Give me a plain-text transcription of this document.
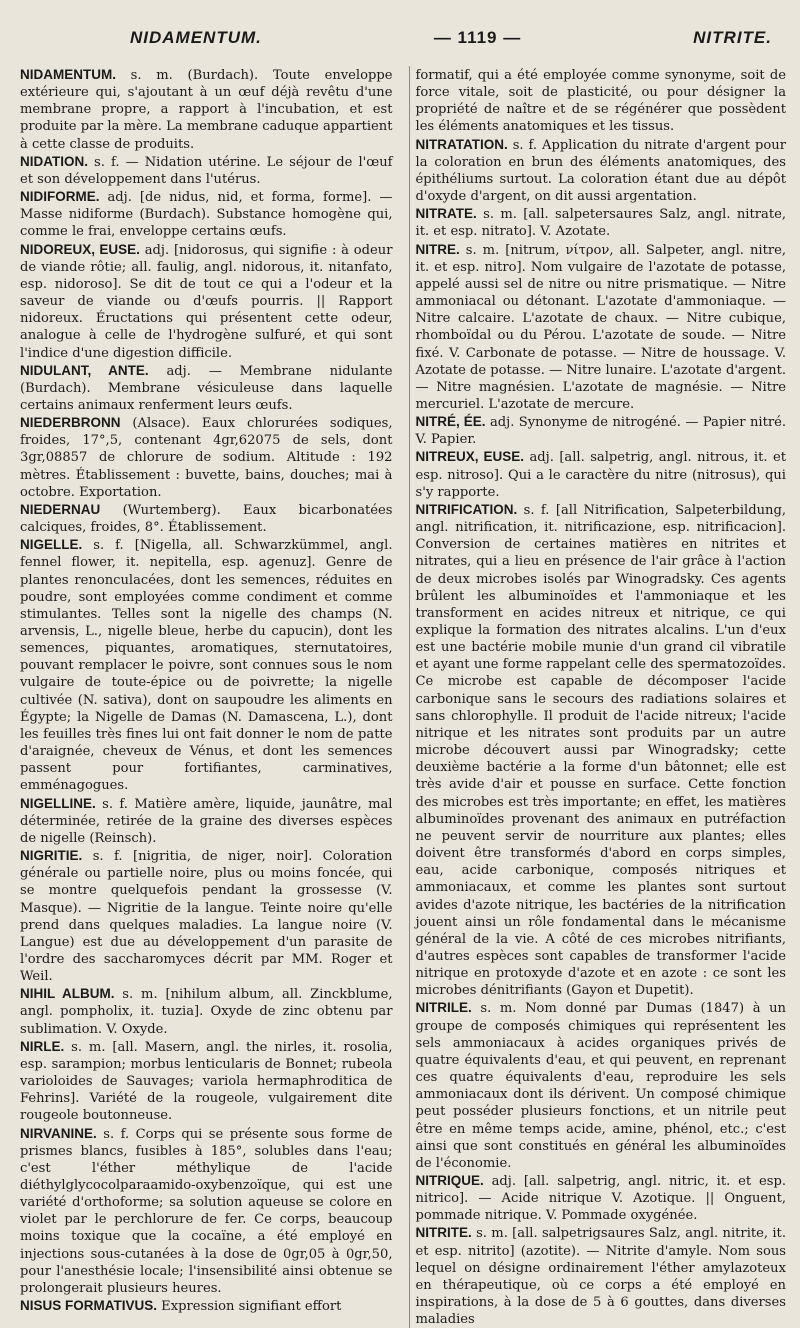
NIDAMENTUM.	— 1119 —	NITRITE.

NIDAMENTUM. s. m. (Burdach). Toute enveloppe extérieure qui, s'ajoutant à un œuf déjà revêtu d'une membrane propre, a rapport à l'incubation, et est produite par la mère. La membrane caduque appartient à cette classe de produits.

NIDATION. s. f. — Nidation utérine. Le séjour de l'œuf et son développement dans l'utérus.

NIDIFORME. adj. [de nidus, nid, et forma, forme]. — Masse nidiforme (Burdach). Substance homogène qui, comme le frai, enveloppe certains œufs.

NIDOREUX, EUSE. adj. [nidorosus, qui signifie : à odeur de viande rôtie; all. faulig, angl. nidorous, it. nitanfato, esp. nidoroso]. Se dit de tout ce qui a l'odeur et la saveur de viande ou d'œufs pourris. || Rapport nidoreux. Éructations qui présentent cette odeur, analogue à celle de l'hydrogène sulfuré, et qui sont l'indice d'une digestion difficile.

NIDULANT, ANTE. adj. — Membrane nidulante (Burdach). Membrane vésiculeuse dans laquelle certains animaux renferment leurs œufs.

NIEDERBRONN (Alsace). Eaux chlorurées sodiques, froides, 17°,5, contenant 4gr,62075 de sels, dont 3gr,08857 de chlorure de sodium. Altitude : 192 mètres. Établissement : buvette, bains, douches; mai à octobre. Exportation.

NIEDERNAU (Wurtemberg). Eaux bicarbonatées calciques, froides, 8°. Établissement.

NIGELLE. s. f. [Nigella, all. Schwarzkümmel, angl. fennel flower, it. nepitella, esp. agenuz]. Genre de plantes renonculacées, dont les semences, réduites en poudre, sont employées comme condiment et comme stimulantes. Telles sont la nigelle des champs (N. arvensis, L., nigelle bleue, herbe du capucin), dont les semences, piquantes, aromatiques, sternutatoires, pouvant remplacer le poivre, sont connues sous le nom vulgaire de toute-épice ou de poivrette; la nigelle cultivée (N. sativa), dont on saupoudre les aliments en Égypte; la Nigelle de Damas (N. Damascena, L.), dont les feuilles très fines lui ont fait donner le nom de patte d'araignée, cheveux de Vénus, et dont les semences passent pour fortifiantes, carminatives, emménagogues.

NIGELLINE. s. f. Matière amère, liquide, jaunâtre, mal déterminée, retirée de la graine des diverses espèces de nigelle (Reinsch).

NIGRITIE. s. f. [nigritia, de niger, noir]. Coloration générale ou partielle noire, plus ou moins foncée, qui se montre quelquefois pendant la grossesse (V. Masque). — Nigritie de la langue. Teinte noire qu'elle prend dans quelques maladies. La langue noire (V. Langue) est due au développement d'un parasite de l'ordre des saccharomyces décrit par MM. Roger et Weil.

NIHIL ALBUM. s. m. [nihilum album, all. Zinckblume, angl. pompholix, it. tuzia]. Oxyde de zinc obtenu par sublimation. V. Oxyde.

NIRLE. s. m. [all. Masern, angl. the nirles, it. rosolia, esp. sarampion; morbus lenticularis de Bonnet; rubeola varioloides de Sauvages; variola hermaphroditica de Fehrins]. Variété de la rougeole, vulgairement dite rougeole boutonneuse.

NIRVANINE. s. f. Corps qui se présente sous forme de prismes blancs, fusibles à 185°, solubles dans l'eau; c'est l'éther méthylique de l'acide diéthylglycocolparaamido-oxybenzoïque, qui est une variété d'orthoforme; sa solution aqueuse se colore en violet par le perchlorure de fer. Ce corps, beaucoup moins toxique que la cocaïne, a été employé en injections sous-cutanées à la dose de 0gr,05 à 0gr,50, pour l'anesthésie locale; l'insensibilité ainsi obtenue se prolongerait plusieurs heures.

NISUS FORMATIVUS. Expression signifiant effort

formatif, qui a été employée comme synonyme, soit de force vitale, soit de plasticité, ou pour désigner la propriété de naître et de se régénérer que possèdent les éléments anatomiques et les tissus.

NITRATATION. s. f. Application du nitrate d'argent pour la coloration en brun des éléments anatomiques, des épithéliums surtout. La coloration étant due au dépôt d'oxyde d'argent, on dit aussi argentation.

NITRATE. s. m. [all. salpetersaures Salz, angl. nitrate, it. et esp. nitrato]. V. Azotate.

NITRE. s. m. [nitrum, νίτρον, all. Salpeter, angl. nitre, it. et esp. nitro]. Nom vulgaire de l'azotate de potasse, appelé aussi sel de nitre ou nitre prismatique. — Nitre ammoniacal ou détonant. L'azotate d'ammoniaque. — Nitre calcaire. L'azotate de chaux. — Nitre cubique, rhomboïdal ou du Pérou. L'azotate de soude. — Nitre fixé. V. Carbonate de potasse. — Nitre de houssage. V. Azotate de potasse. — Nitre lunaire. L'azotate d'argent. — Nitre magnésien. L'azotate de magnésie. — Nitre mercuriel. L'azotate de mercure.

NITRÉ, ÉE. adj. Synonyme de nitrogéné. — Papier nitré. V. Papier.

NITREUX, EUSE. adj. [all. salpetrig, angl. nitrous, it. et esp. nitroso]. Qui a le caractère du nitre (nitrosus), qui s'y rapporte.

NITRIFICATION. s. f. [all Nitrification, Salpeterbildung, angl. nitrification, it. nitrificazione, esp. nitrificacion]. Conversion de certaines matières en nitrites et nitrates, qui a lieu en présence de l'air grâce à l'action de deux microbes isolés par Winogradsky. Ces agents brûlent les albuminoïdes et l'ammoniaque et les transforment en acides nitreux et nitrique, ce qui explique la formation des nitrates alcalins. L'un d'eux est une bactérie mobile munie d'un grand cil vibratile et ayant une forme rappelant celle des spermatozoïdes. Ce microbe est capable de décomposer l'acide carbonique sans le secours des radiations solaires et sans chlorophylle. Il produit de l'acide nitreux; l'acide nitrique et les nitrates sont produits par un autre microbe découvert aussi par Winogradsky; cette deuxième bactérie a la forme d'un bâtonnet; elle est très avide d'air et pousse en surface. Cette fonction des microbes est très importante; en effet, les matières albuminoïdes provenant des animaux en putréfaction ne peuvent servir de nourriture aux plantes; elles doivent être transformés d'abord en corps simples, eau, acide carbonique, composés nitriques et ammoniacaux, et comme les plantes sont surtout avides d'azote nitrique, les bactéries de la nitrification jouent ainsi un rôle fondamental dans le mécanisme général de la vie. A côté de ces microbes nitrifiants, d'autres espèces sont capables de transformer l'acide nitrique en protoxyde d'azote et en azote : ce sont les microbes dénitrifiants (Gayon et Dupetit).

NITRILE. s. m. Nom donné par Dumas (1847) à un groupe de composés chimiques qui représentent les sels ammoniacaux à acides organiques privés de quatre équivalents d'eau, et qui peuvent, en reprenant ces quatre équivalents d'eau, reproduire les sels ammoniacaux dont ils dérivent. Un composé chimique peut posséder plusieurs fonctions, et un nitrile peut être en même temps acide, amine, phénol, etc.; c'est ainsi que sont constitués en général les albuminoïdes de l'économie.

NITRIQUE. adj. [all. salpetrig, angl. nitric, it. et esp. nitrico]. — Acide nitrique V. Azotique. || Onguent, pommade nitrique. V. Pommade oxygénée.

NITRITE. s. m. [all. salpetrigsaures Salz, angl. nitrite, it. et esp. nitrito] (azotite). — Nitrite d'amyle. Nom sous lequel on désigne ordinairement l'éther amylazoteux en thérapeutique, où ce corps a été employé en inspirations, à la dose de 5 à 6 gouttes, dans diverses maladies
